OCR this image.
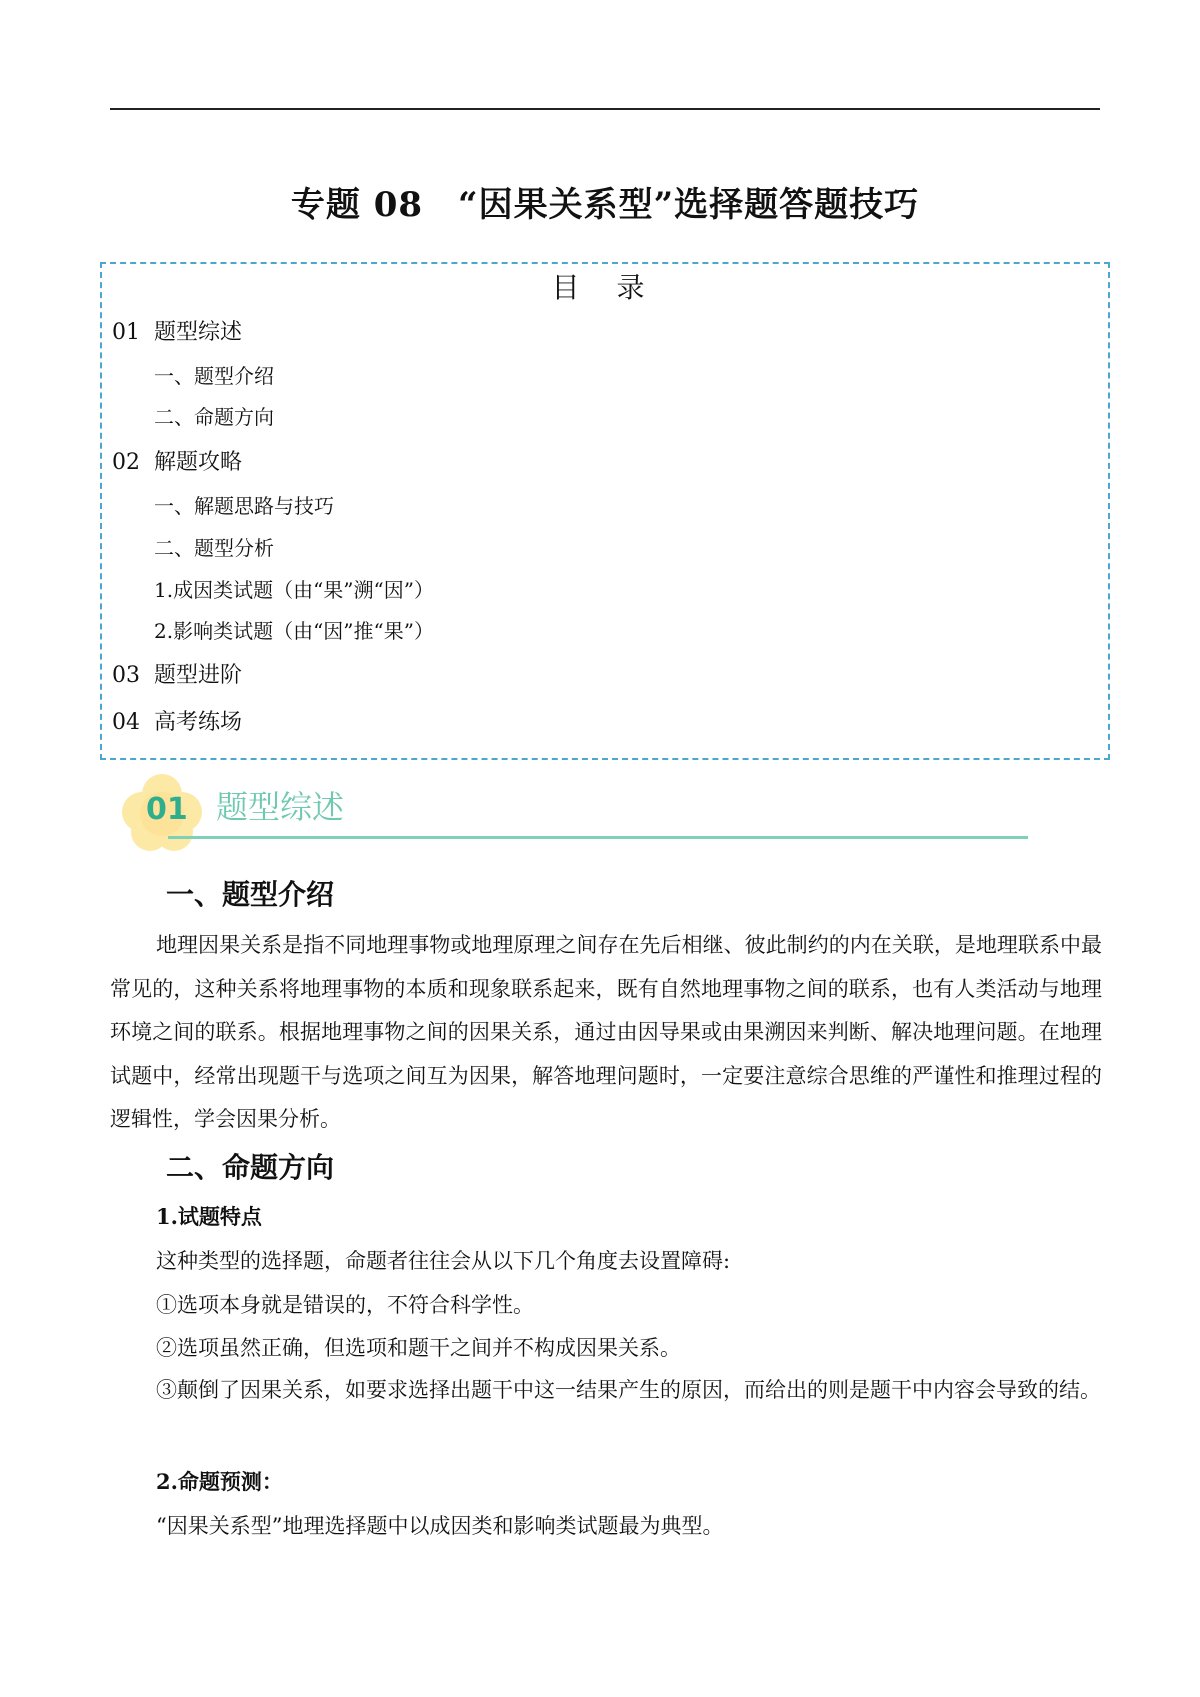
专题 08　“因果关系型”选择题答题技巧
目 录
01 题型综述
一、题型介绍
二、命题方向
02 解题攻略
一、解题思路与技巧
二、题型分析
1.成因类试题（由“果”溯“因”）
2.影响类试题（由“因”推“果”）
03 题型进阶
04 高考练场
01 题型综述
一、题型介绍

地理因果关系是指不同地理事物或地理原理之间存在先后相继、彼此制约的内在关联，是地理联系中最常见的，这种关系将地理事物的本质和现象联系起来，既有自然地理事物之间的联系，也有人类活动与地理环境之间的联系。根据地理事物之间的因果关系，通过由因导果或由果溯因来判断、解决地理问题。在地理试题中，经常出现题干与选项之间互为因果，解答地理问题时，一定要注意综合思维的严谨性和推理过程的逻辑性，学会因果分析。

二、命题方向
1.试题特点
这种类型的选择题，命题者往往会从以下几个角度去设置障碍:
①选项本身就是错误的，不符合科学性。
②选项虽然正确，但选项和题干之间并不构成因果关系。

③颠倒了因果关系，如要求选择出题干中这一结果产生的原因，而给出的则是题干中内容会导致的结。

2.命题预测：
“因果关系型”地理选择题中以成因类和影响类试题最为典型。
